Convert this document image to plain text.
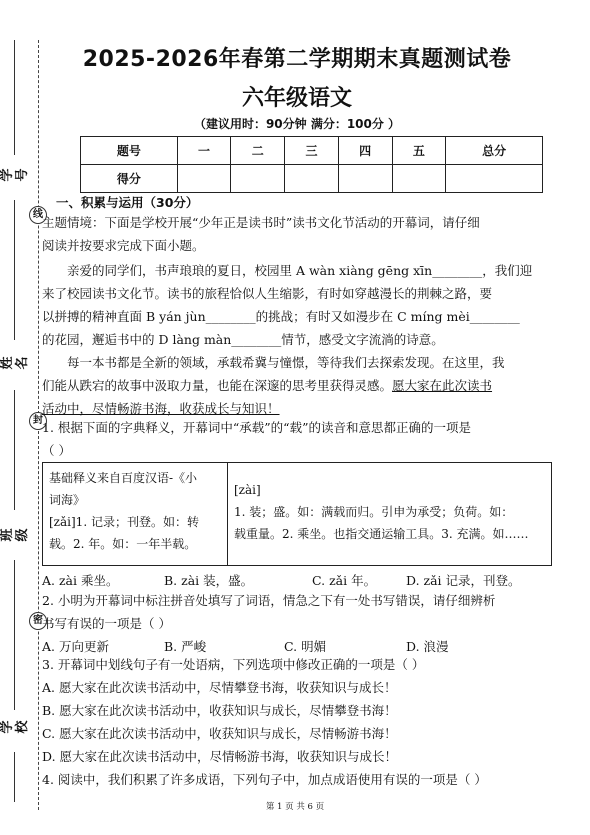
学号
姓名
班级
学校
线
封
密
2025-2026年春第二学期期末真题测试卷
六年级语文
（建议用时：90分钟 满分：100分 ）
题号	一	二	三	四	五	总分
得分						
一、积累与运用（30分）
主题情境：下面是学校开展“少年正是读书时”读书文化节活动的开幕词，请仔细
阅读并按要求完成下面小题。
亲爱的同学们，书声琅琅的夏日，校园里 A wàn xiàng gēng xīn________，我们迎
来了校园读书文化节。读书的旅程恰似人生缩影，有时如穿越漫长的荆棘之路，要
以拼搏的精神直面 B yán jùn________的挑战；有时又如漫步在 C míng mèi________
的花园，邂逅书中的 D làng màn________情节，感受文字流淌的诗意。
每一本书都是全新的领域，承载希冀与憧憬，等待我们去探索发现。在这里，我
们能从跌宕的故事中汲取力量，也能在深邃的思考里获得灵感。愿大家在此次读书
活动中，尽情畅游书海，收获成长与知识！
1. 根据下面的字典释义，开幕词中“承载”的“载”的读音和意思都正确的一项是
（ ）
基础释义来自百度汉语-《小
词海》
[zǎi]1. 记录；刊登。如：转
载。2. 年。如：一年半载。
[zài]
1. 装；盛。如：满载而归。引申为承受；负荷。如：
载重量。2. 乘坐。也指交通运输工具。3. 充满。如……
A. zài 乘坐。	B. zài 装，盛。	C. zǎi 年。 D. zǎi 记录，刊登。
2. 小明为开幕词中标注拼音处填写了词语，情急之下有一处书写错误，请仔细辨析
书写有误的一项是（ ）
A. 万向更新	B. 严峻	C. 明媚	D. 浪漫
3. 开幕词中划线句子有一处语病，下列选项中修改正确的一项是（ ）
A. 愿大家在此次读书活动中，尽情攀登书海，收获知识与成长！
B. 愿大家在此次读书活动中，收获知识与成长，尽情攀登书海！
C. 愿大家在此次读书活动中，收获知识与成长，尽情畅游书海！
D. 愿大家在此次读书活动中，尽情畅游书海，收获知识与成长！
4. 阅读中，我们积累了许多成语，下列句子中，加点成语使用有误的一项是（ ）
第 1 页 共 6 页
